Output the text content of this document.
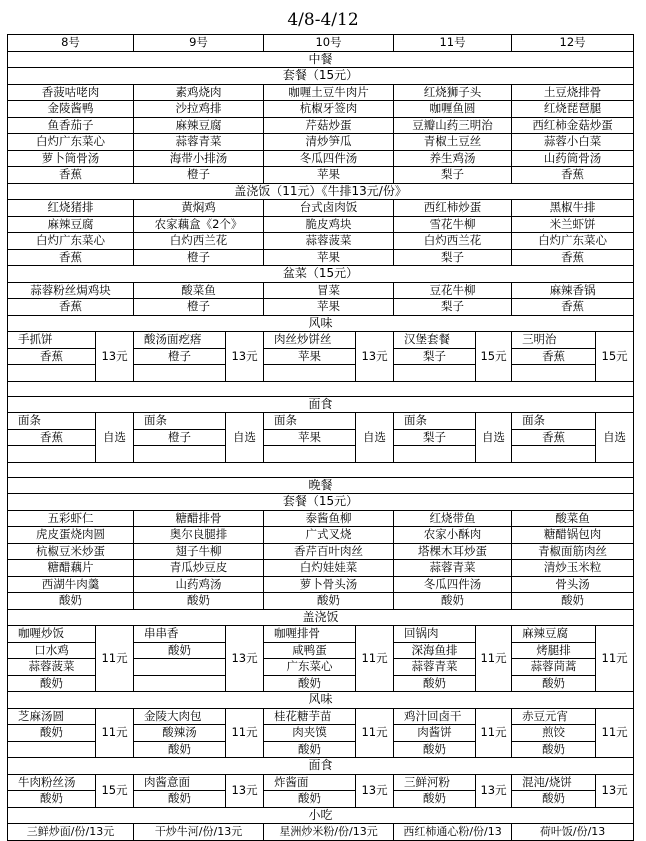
4/8-4/12
8号		9号		10号		11号		12号	
中餐									
套餐（15元）									
香菠咕咾肉		素鸡烧肉		咖喱土豆牛肉片		红烧狮子头		土豆烧排骨	
金陵酱鸭		沙拉鸡排		杭椒牙签肉		咖喱鱼圆		红烧琵琶腿	
鱼香茄子		麻辣豆腐		芹菇炒蛋		豆瓣山药三明治		西红柿金菇炒蛋	
白灼广东菜心		蒜蓉青菜		清炒笋瓜		青椒土豆丝		蒜蓉小白菜	
萝卜筒骨汤		海带小排汤		冬瓜四件汤		养生鸡汤		山药筒骨汤	
香蕉		橙子		苹果		梨子		香蕉	
盖浇饭（11元）《牛排13元/份》									
红烧猪排		黄焖鸡		台式卤肉饭		西红柿炒蛋		黑椒牛排	
麻辣豆腐		农家藕盒《2个》		脆皮鸡块		雪花牛柳		米兰虾饼	
白灼广东菜心		白灼西兰花		蒜蓉菠菜		白灼西兰花		白灼广东菜心	
香蕉		橙子		苹果		梨子		香蕉	
盆菜（15元）									
蒜蓉粉丝焗鸡块		酸菜鱼		冒菜		豆花牛柳		麻辣香锅	
香蕉		橙子		苹果		梨子		香蕉	
风味									
手抓饼	13元	酸汤面疙瘩	13元	肉丝炒饼丝	13元	汉堡套餐	15元	三明治	15元
香蕉		橙子		苹果		梨子		香蕉	

面食									
面条	自选	面条	自选	面条	自选	面条	自选	面条	自选
香蕉		橙子		苹果		梨子		香蕉	

晚餐									
套餐（15元）									
五彩虾仁		糖醋排骨		泰酱鱼柳		红烧带鱼		酸菜鱼	
虎皮蛋烧肉圆		奥尔良腿排		广式叉烧		农家小酥肉		糖醋锅包肉	
杭椒豆米炒蛋		翅子牛柳		香芹百叶肉丝		塔棵木耳炒蛋		青椒面筋肉丝	
糖醋藕片		青瓜炒豆皮		白灼娃娃菜		蒜蓉青菜		清炒玉米粒	
西湖牛肉羹		山药鸡汤		萝卜骨头汤		冬瓜四件汤		骨头汤	
酸奶		酸奶		酸奶		酸奶		酸奶	
盖浇饭									
咖喱炒饭	11元	串串香	13元	咖喱排骨	11元	回锅肉	11元	麻辣豆腐	11元
口水鸡		酸奶		咸鸭蛋		深海鱼排		烤腿排	
蒜蓉菠菜				广东菜心		蒜蓉青菜		蒜蓉茼蒿	
酸奶				酸奶		酸奶		酸奶	
风味									
芝麻汤圆	11元	金陵大肉包	11元	桂花糖芋苗	11元	鸡汁回卤干	11元	赤豆元宵	11元
酸奶		酸辣汤		肉夹馍		肉酱饼		煎饺	
		酸奶		酸奶		酸奶		酸奶	
面食									
牛肉粉丝汤	15元	肉酱意面	13元	炸酱面	13元	三鲜河粉	13元	混沌/烧饼	13元
酸奶		酸奶		酸奶		酸奶		酸奶	
小吃									
三鲜炒面/份/13元		干炒牛河/份/13元		星洲炒米粉/份/13元		西红柿通心粉/份/13		荷叶饭/份/13	
